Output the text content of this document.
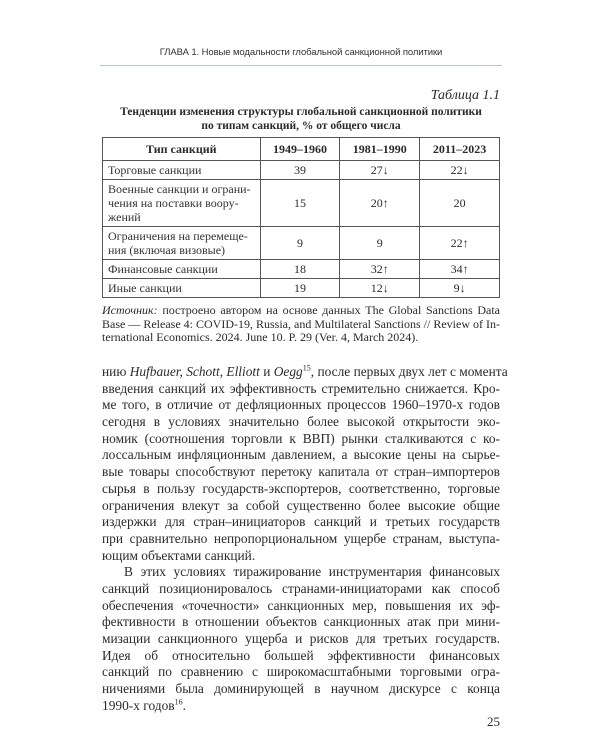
ГЛАВА 1. Новые модальности глобальной санкционной политики
Таблица 1.1
Тенденции изменения структуры глобальной санкционной политики
по типам санкций, % от общего числа
Тип санкций	1949–1960	1981–1990	2011–2023
Торговые санкции	39	27↓	22↓

Военные санкции и ограни-
чения на поставки воору-
жений	15	20↑	20

Ограничения на перемеще-
ния (включая визовые)	9	9	22↑
Финансовые санкции	18	32↑	34↑
Иные санкции	19	12↓	9↓
Источник: построено автором на основе данных The Global Sanctions Data
Base — Release 4: COVID-19, Russia, and Multilateral Sanctions // Review of In-
ternational Economics. 2024. June 10. P. 29 (Ver. 4, March 2024).
нию Hufbauer, Schott, Elliott и Oegg$^{15}$, после первых двух лет с момента
введения санкций их эффективность стремительно снижается. Кро-
ме того, в отличие от дефляционных процессов 1960–1970-х годов
сегодня в условиях значительно более высокой открытости эко-
номик (соотношения торговли к ВВП) рынки сталкиваются с ко-
лоссальным инфляционным давлением, а высокие цены на сырье-
вые товары способствуют перетоку капитала от стран–импортеров
сырья в пользу государств-экспортеров, соответственно, торговые
ограничения влекут за собой существенно более высокие общие
издержки для стран–инициаторов санкций и третьих государств
при сравнительно непропорциональном ущербе странам, выступа-
ющим объектами санкций.
В этих условиях тиражирование инструментария финансовых
санкций позиционировалось странами-инициаторами как способ
обеспечения «точечности» санкционных мер, повышения их эф-
фективности в отношении объектов санкционных атак при мини-
мизации санкционного ущерба и рисков для третьих государств.
Идея об относительно большей эффективности финансовых
санкций по сравнению с широкомасштабными торговыми огра-
ничениями была доминирующей в научном дискурсе с конца
1990-х годов$^{16}$.
25
